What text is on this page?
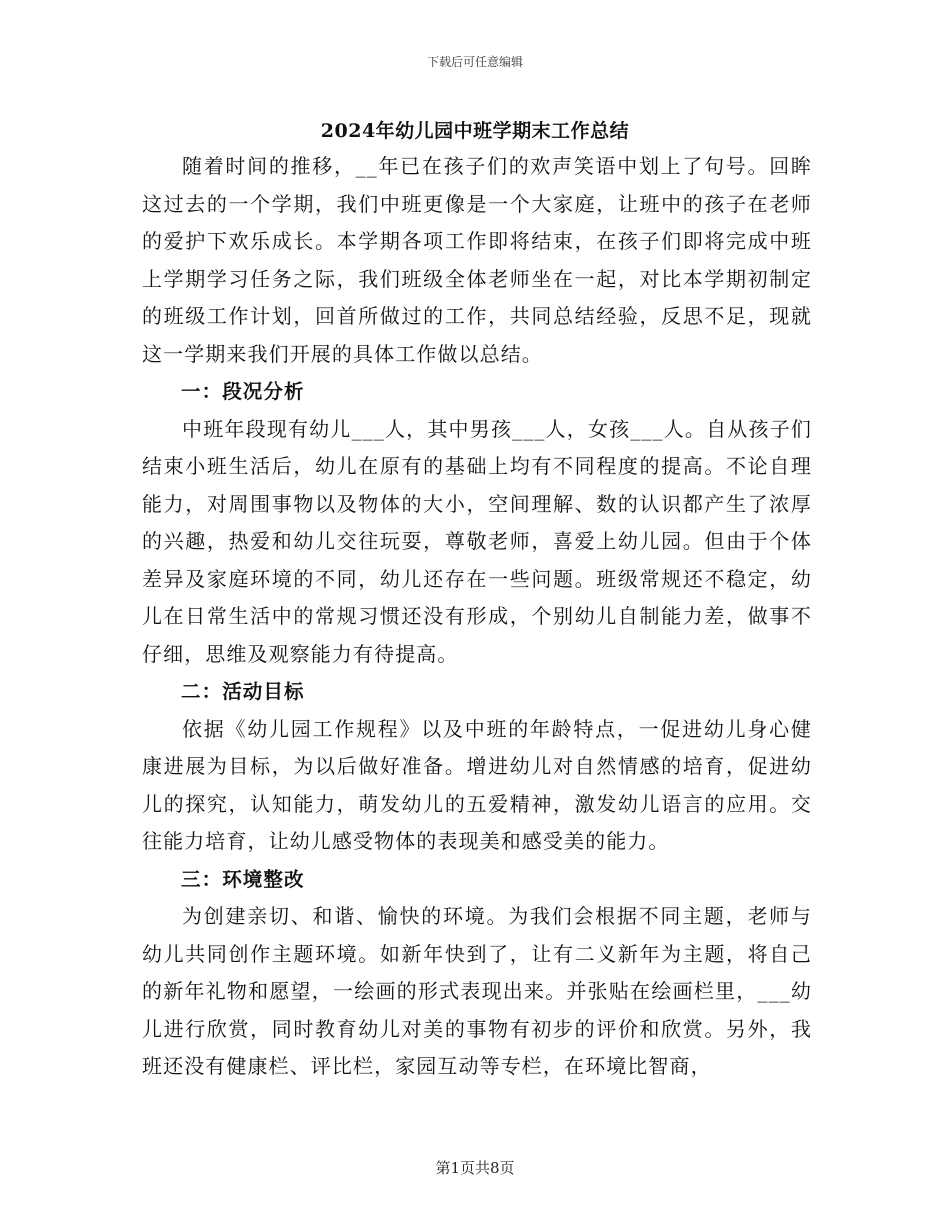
下载后可任意编辑
2024年幼儿园中班学期末工作总结

随着时间的推移，__年已在孩子们的欢声笑语中划上了句号。回眸这过去的一个学期，我们中班更像是一个大家庭，让班中的孩子在老师的爱护下欢乐成长。本学期各项工作即将结束，在孩子们即将完成中班上学期学习任务之际，我们班级全体老师坐在一起，对比本学期初制定的班级工作计划，回首所做过的工作，共同总结经验，反思不足，现就这一学期来我们开展的具体工作做以总结。

一：段况分析

中班年段现有幼儿___人，其中男孩___人，女孩___人。自从孩子们结束小班生活后，幼儿在原有的基础上均有不同程度的提高。不论自理能力，对周围事物以及物体的大小，空间理解、数的认识都产生了浓厚的兴趣，热爱和幼儿交往玩耍，尊敬老师，喜爱上幼儿园。但由于个体差异及家庭环境的不同，幼儿还存在一些问题。班级常规还不稳定，幼儿在日常生活中的常规习惯还没有形成，个别幼儿自制能力差，做事不仔细，思维及观察能力有待提高。

二：活动目标

依据《幼儿园工作规程》以及中班的年龄特点，一促进幼儿身心健康进展为目标，为以后做好准备。增进幼儿对自然情感的培育，促进幼儿的探究，认知能力，萌发幼儿的五爱精神，激发幼儿语言的应用。交往能力培育，让幼儿感受物体的表现美和感受美的能力。

三：环境整改

为创建亲切、和谐、愉快的环境。为我们会根据不同主题，老师与幼儿共同创作主题环境。如新年快到了，让有二义新年为主题，将自己的新年礼物和愿望，一绘画的形式表现出来。并张贴在绘画栏里，___幼儿进行欣赏，同时教育幼儿对美的事物有初步的评价和欣赏。另外，我班还没有健康栏、评比栏，家园互动等专栏，在环境比智商，

第1页共8页
